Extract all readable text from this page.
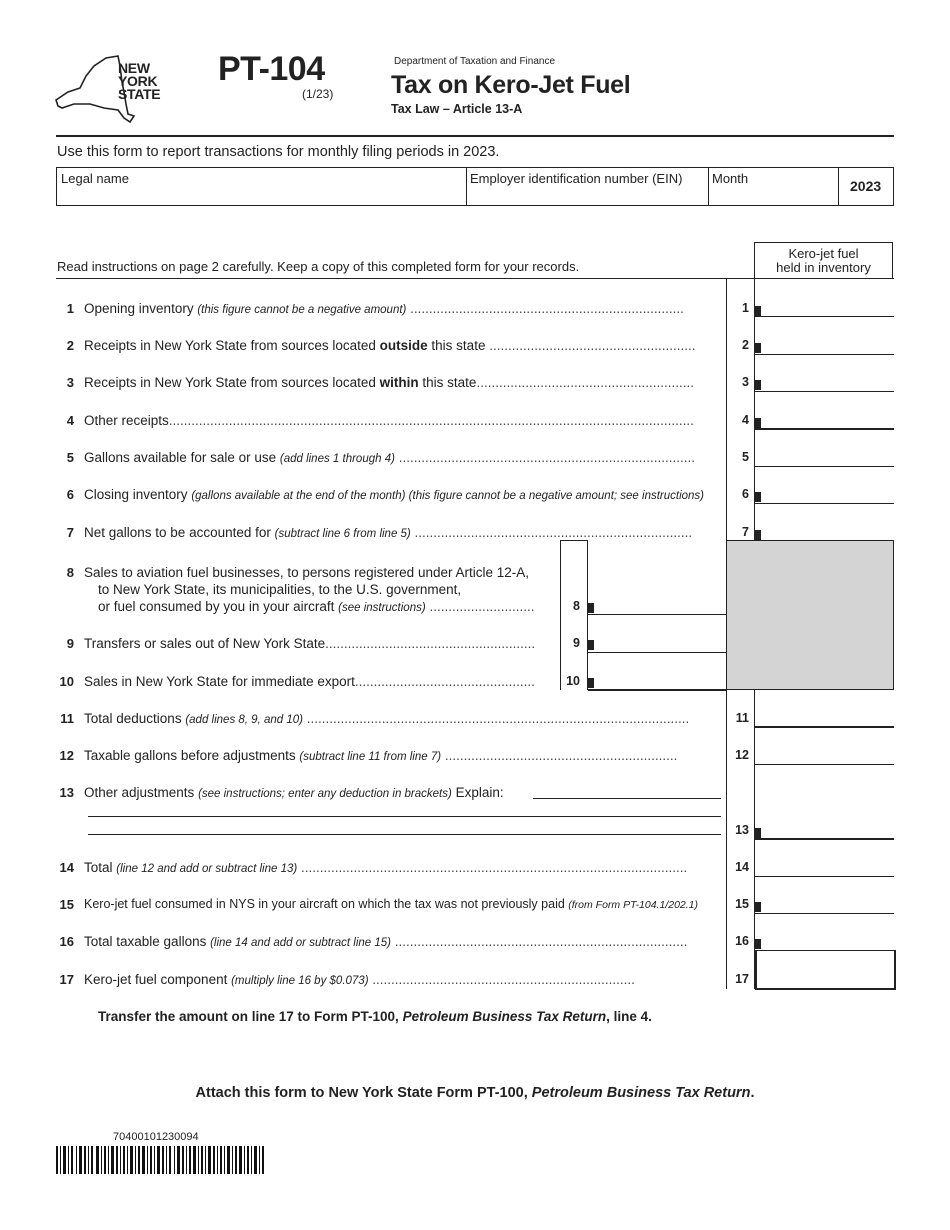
NEW
YORK
STATE
PT-104
(1/23)
Department of Taxation and Finance
Tax on Kero-Jet Fuel
Tax Law – Article 13-A
Use this form to report transactions for monthly filing periods in 2023.
Legal name	Employer identification number (EIN) Month	2023
Read instructions on page 2 carefully. Keep a copy of this completed form for your records.
Kero-jet fuel
held in inventory
1 Opening inventory (this figure cannot be a negative amount) .........................................................................	1
2 Receipts in New York State from sources located outside this state .......................................................	2
3 Receipts in New York State from sources located within this state..........................................................	3
4 Other receipts............................................................................................................................................	4
5 Gallons available for sale or use (add lines 1 through 4) ...............................................................................	5
6 Closing inventory (gallons available at the end of the month) (this figure cannot be a negative amount; see instructions)	6
7 Net gallons to be accounted for (subtract line 6 from line 5) ..........................................................................	7
8 Sales to aviation fuel businesses, to persons registered under Article 12-A,
to New York State, its municipalities, to the U.S. government,
or fuel consumed by you in your aircraft (see instructions) ............................	8
9 Transfers or sales out of New York State........................................................	9
10 Sales in New York State for immediate export................................................	10
11 Total deductions (add lines 8, 9, and 10) ......................................................................................................	11
12 Taxable gallons before adjustments (subtract line 11 from line 7) ..............................................................	12
13 Other adjustments (see instructions; enter any deduction in brackets) Explain:
13
14 Total (line 12 and add or subtract line 13) .......................................................................................................	14
15 Kero-jet fuel consumed in NYS in your aircraft on which the tax was not previously paid (from Form PT-104.1/202.1)	15
16 Total taxable gallons (line 14 and add or subtract line 15) ..............................................................................	16
17 Kero-jet fuel component (multiply line 16 by $0.073) ......................................................................	17
Transfer the amount on line 17 to Form PT-100, Petroleum Business Tax Return, line 4.
Attach this form to New York State Form PT-100, Petroleum Business Tax Return.
70400101230094
